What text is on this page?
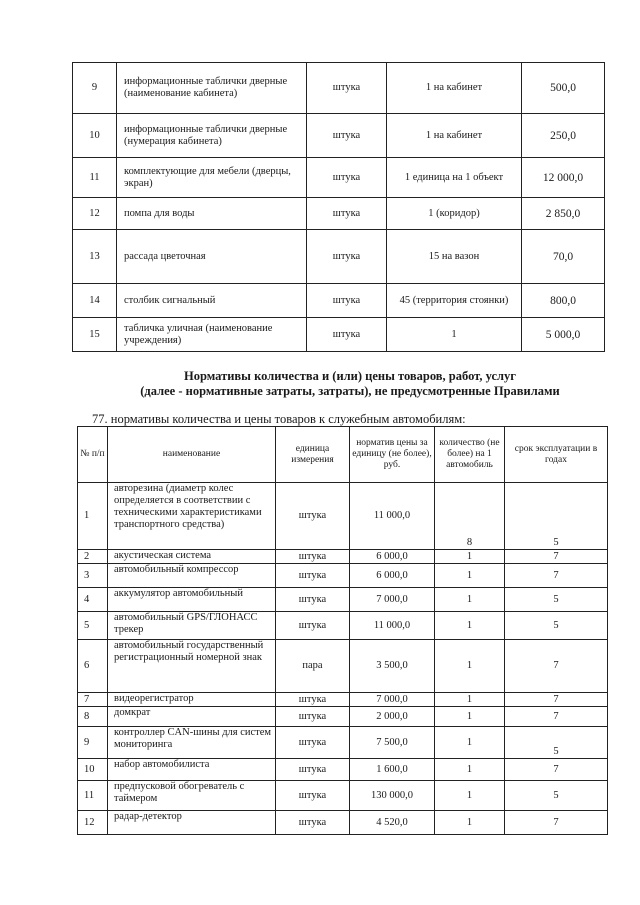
9	информационные таблички дверные (наименование кабинета)	штука	1 на кабинет	500,0
10	информационные таблички дверные (нумерация кабинета)	штука	1 на кабинет	250,0
11	комплектующие для мебели (дверцы, экран)	штука	1 единица на 1 объект	12 000,0
12	помпа для воды	штука	1 (коридор)	2 850,0
13	рассада цветочная	штука	15 на вазон	70,0
14	столбик сигнальный	штука	45 (территория стоянки)	800,0
15	табличка уличная (наименование учреждения)	штука	1	5 000,0
Нормативы количества и (или) цены товаров, работ, услуг
(далее - нормативные затраты, затраты), не предусмотренные Правилами
77. нормативы количества и цены товаров к служебным автомобилям:
№ п/п	наименование	единица измерения	норматив цены за единицу (не более), руб.	количество (не более) на 1 автомобиль	срок эксплуатации в годах
1	авторезина (диаметр колес определяется в соответствии с техническими характеристиками транспортного средства)	штука	11 000,0	8	5
2	акустическая система	штука	6 000,0	1	7
3	автомобильный компрессор	штука	6 000,0	1	7
4	аккумулятор автомобильный	штука	7 000,0	1	5
5	автомобильный GPS/ГЛОНАСС трекер	штука	11 000,0	1	5
6	автомобильный государственный регистрационный номерной знак	пара	3 500,0	1	7
7	видеорегистратор	штука	7 000,0	1	7
8	домкрат	штука	2 000,0	1	7
9	контроллер CAN-шины для систем мониторинга	штука	7 500,0	1	5
10	набор автомобилиста	штука	1 600,0	1	7
11	предпусковой обогреватель с таймером	штука	130 000,0	1	5
12	радар-детектор	штука	4 520,0	1	7
